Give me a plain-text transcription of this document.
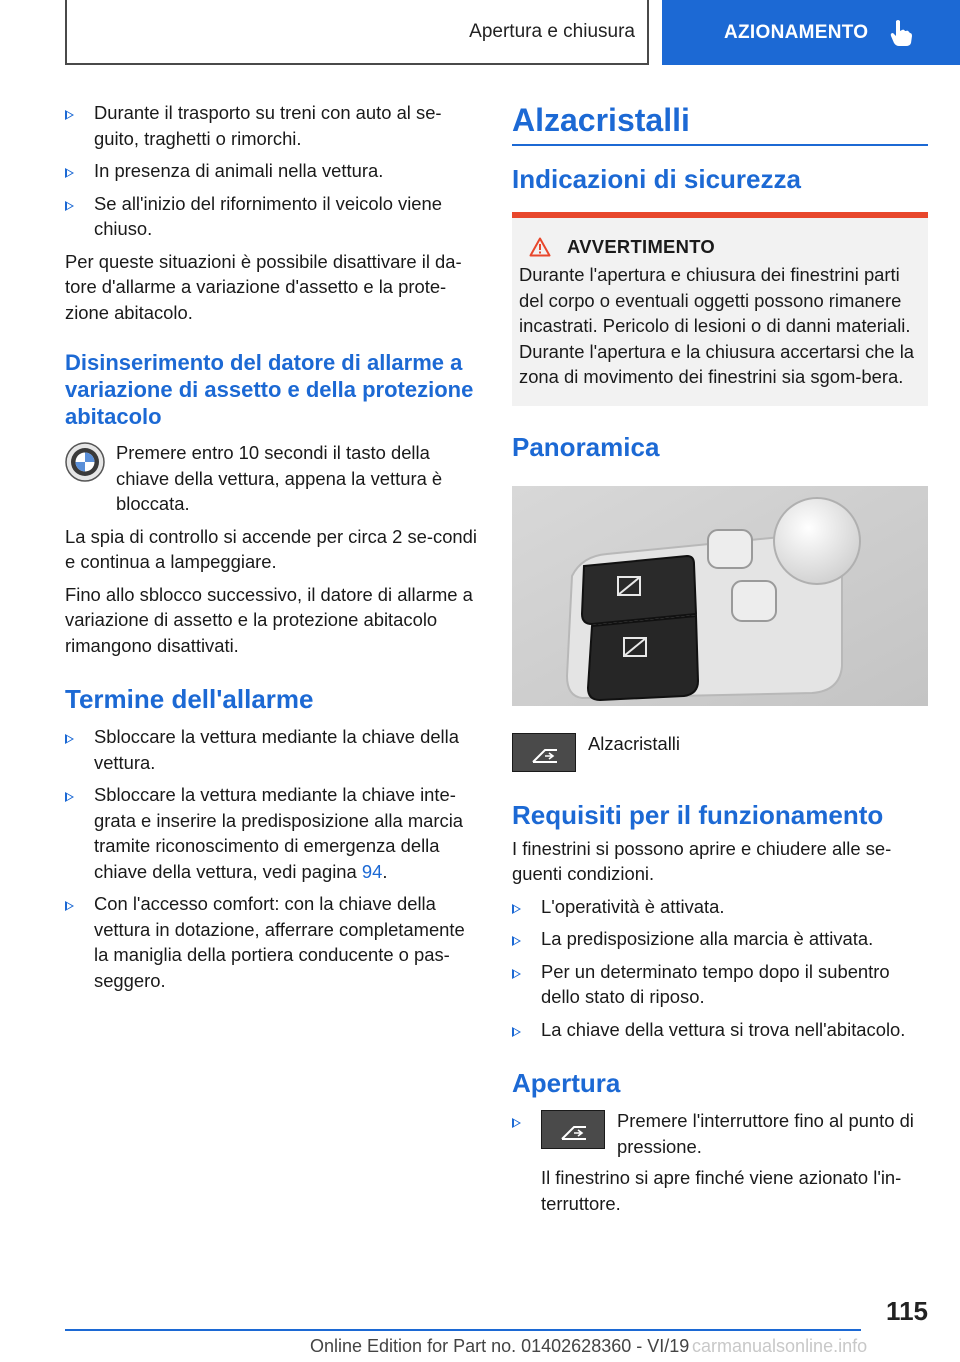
Apertura e chiusura	AZIONAMENTO
Durante il trasporto su treni con auto al se-guito, traghetti o rimorchi.
In presenza di animali nella vettura.
Se all'inizio del rifornimento il veicolo viene chiuso.

Per queste situazioni è possibile disattivare il da-tore d'allarme a variazione d'assetto e la prote-zione abitacolo.

Disinserimento del datore di allarme a variazione di assetto e della protezione abitacolo

Premere entro 10 secondi il tasto della chiave della vettura, appena la vettura è bloccata.

La spia di controllo si accende per circa 2 se-condi e continua a lampeggiare.

Fino allo sblocco successivo, il datore di allarme a variazione di assetto e la protezione abitacolo rimangono disattivati.

Termine dell'allarme
Sbloccare la vettura mediante la chiave della vettura.
Sbloccare la vettura mediante la chiave inte-grata e inserire la predisposizione alla marcia tramite riconoscimento di emergenza della chiave della vettura, vedi pagina 94.
Con l'accesso comfort: con la chiave della vettura in dotazione, afferrare completamente la maniglia della portiera conducente o pas-seggero.
Alzacristalli
Indicazioni di sicurezza
AVVERTIMENTO

Durante l'apertura e chiusura dei finestrini parti del corpo o eventuali oggetti possono rimanere incastrati. Pericolo di lesioni o di danni materiali. Durante l'apertura e la chiusura accertarsi che la zona di movimento dei finestrini sia sgom-bera.

Panoramica
Alzacristalli
Requisiti per il funzionamento

I finestrini si possono aprire e chiudere alle se-guenti condizioni.

L'operatività è attivata.
La predisposizione alla marcia è attivata.
Per un determinato tempo dopo il subentro dello stato di riposo.
La chiave della vettura si trova nell'abitacolo.
Apertura
Premere l'interruttore fino al punto di pressione.

Il finestrino si apre finché viene azionato l'in-terruttore.

115
Online Edition for Part no. 01402628360 - VI/19 carmanualsonline.info
